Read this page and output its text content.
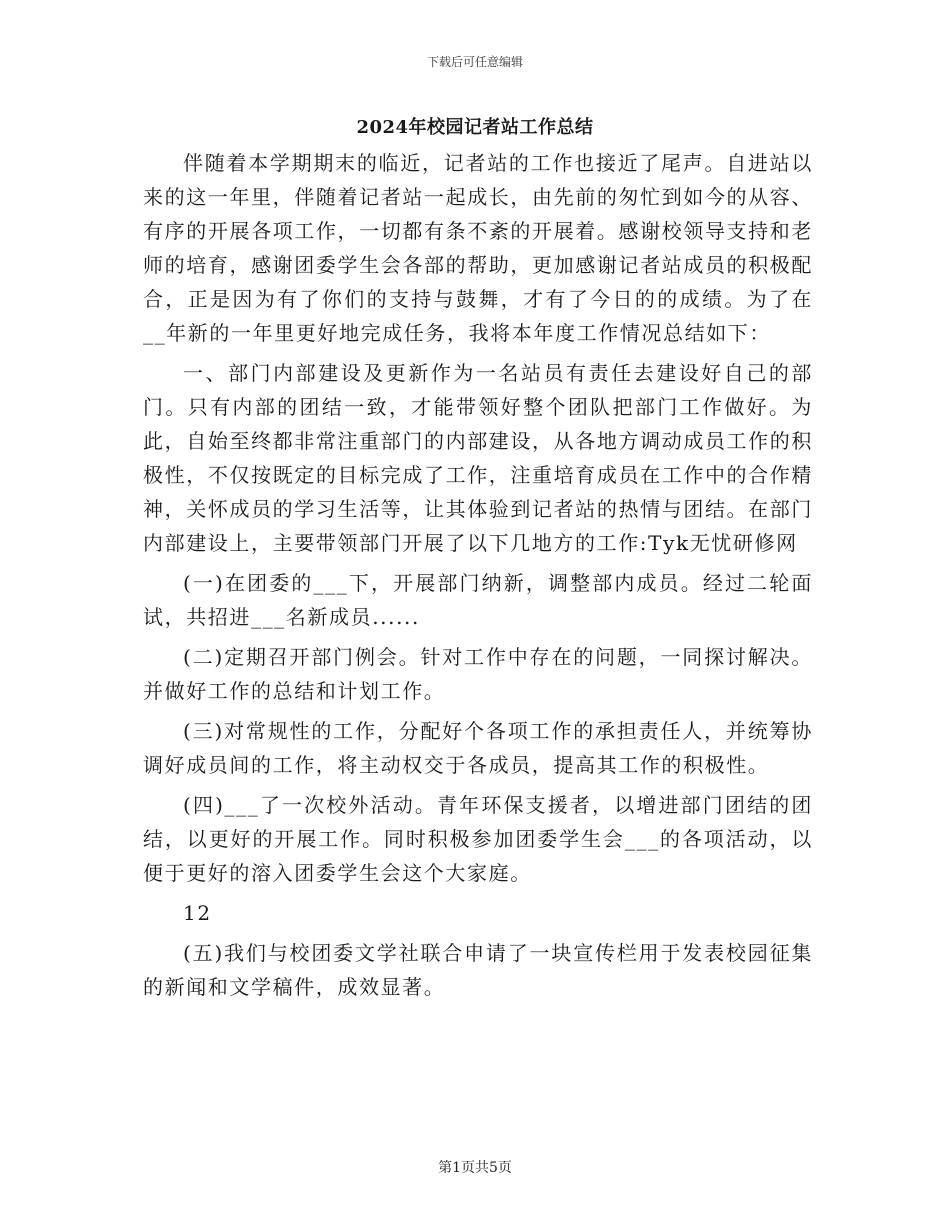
下载后可任意编辑
2024年校园记者站工作总结

伴随着本学期期末的临近，记者站的工作也接近了尾声。自进站以来的这一年里，伴随着记者站一起成长，由先前的匆忙到如今的从容、有序的开展各项工作，一切都有条不紊的开展着。感谢校领导支持和老师的培育，感谢团委学生会各部的帮助，更加感谢记者站成员的积极配合，正是因为有了你们的支持与鼓舞，才有了今日的的成绩。为了在__年新的一年里更好地完成任务，我将本年度工作情况总结如下：

一、部门内部建设及更新作为一名站员有责任去建设好自己的部门。只有内部的团结一致，才能带领好整个团队把部门工作做好。为此，自始至终都非常注重部门的内部建设，从各地方调动成员工作的积极性，不仅按既定的目标完成了工作，注重培育成员在工作中的合作精神，关怀成员的学习生活等，让其体验到记者站的热情与团结。在部门内部建设上，主要带领部门开展了以下几地方的工作:Tyk无忧研修网

(一)在团委的___下，开展部门纳新，调整部内成员。经过二轮面试，共招进___名新成员......

(二)定期召开部门例会。针对工作中存在的问题，一同探讨解决。并做好工作的总结和计划工作。

(三)对常规性的工作，分配好个各项工作的承担责任人，并统筹协调好成员间的工作，将主动权交于各成员，提高其工作的积极性。

(四)___了一次校外活动。青年环保支援者，以增进部门团结的团结，以更好的开展工作。同时积极参加团委学生会___的各项活动，以便于更好的溶入团委学生会这个大家庭。

12

(五)我们与校团委文学社联合申请了一块宣传栏用于发表校园征集的新闻和文学稿件，成效显著。

第1页共5页
